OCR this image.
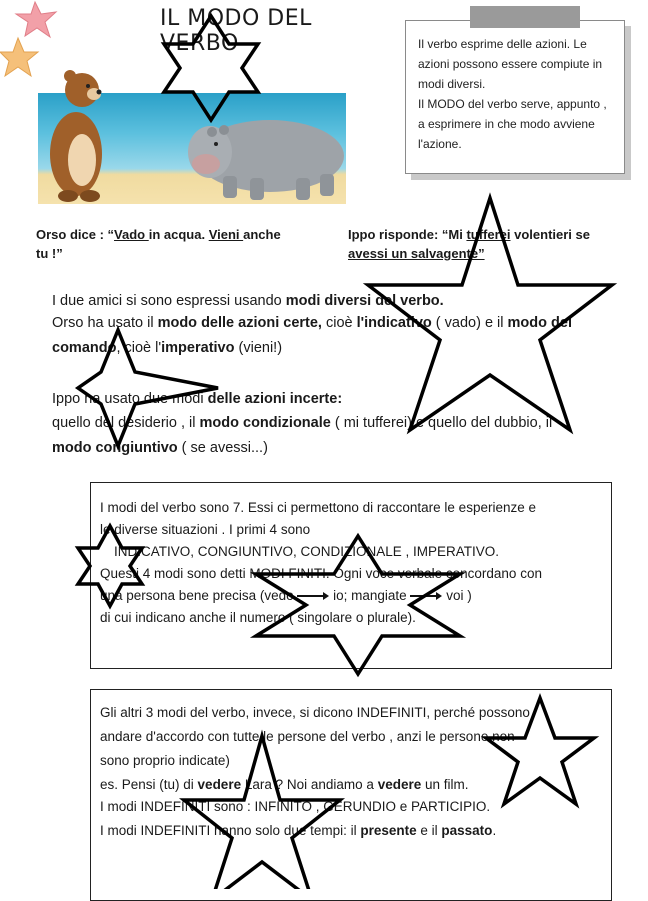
IL MODO DEL VERBO	Il verbo esprime delle azioni. Le
azioni possono essere compiute in
modi diversi.
Il MODO del verbo serve, appunto ,
a esprimere in che modo avviene
l'azione.
Orso dice : “Vado in acqua. Vieni anche
tu !”
Ippo risponde: “Mi tufferei volentieri se
avessi un salvagente”
I due amici si sono espressi usando modi diversi del verbo.
Orso ha usato il modo delle azioni certe, cioè l'indicativo ( vado) e il modo del
comando, cioè l'imperativo (vieni!)
Ippo ha usato due modi delle azioni incerte:
quello del desiderio , il modo condizionale ( mi tufferei) e quello del dubbio, il
modo congiuntivo ( se avessi...)
I modi del verbo sono 7. Essi ci permettono di raccontare le esperienze e
le diverse situazioni . I primi 4 sono
INDICATIVO, CONGIUNTIVO, CONDIZIONALE , IMPERATIVO.
Questi 4 modi sono detti MODI FINITI. Ogni voce verbale concordano con
una persona bene precisa (vedo  io; mangiate  voi )
di cui indicano anche il numero ( singolare o plurale).
Gli altri 3 modi del verbo, invece, si dicono INDEFINITI, perché possono
andare d'accordo con tutte le persone del verbo , anzi le persone non
sono proprio indicate)
es. Pensi (tu) di vedere Lara ? Noi andiamo a vedere un film.
I modi INDEFINITI sono : INFINITO , GERUNDIO e PARTICIPIO.
I modi INDEFINITI hanno solo due tempi: il presente e il passato.
